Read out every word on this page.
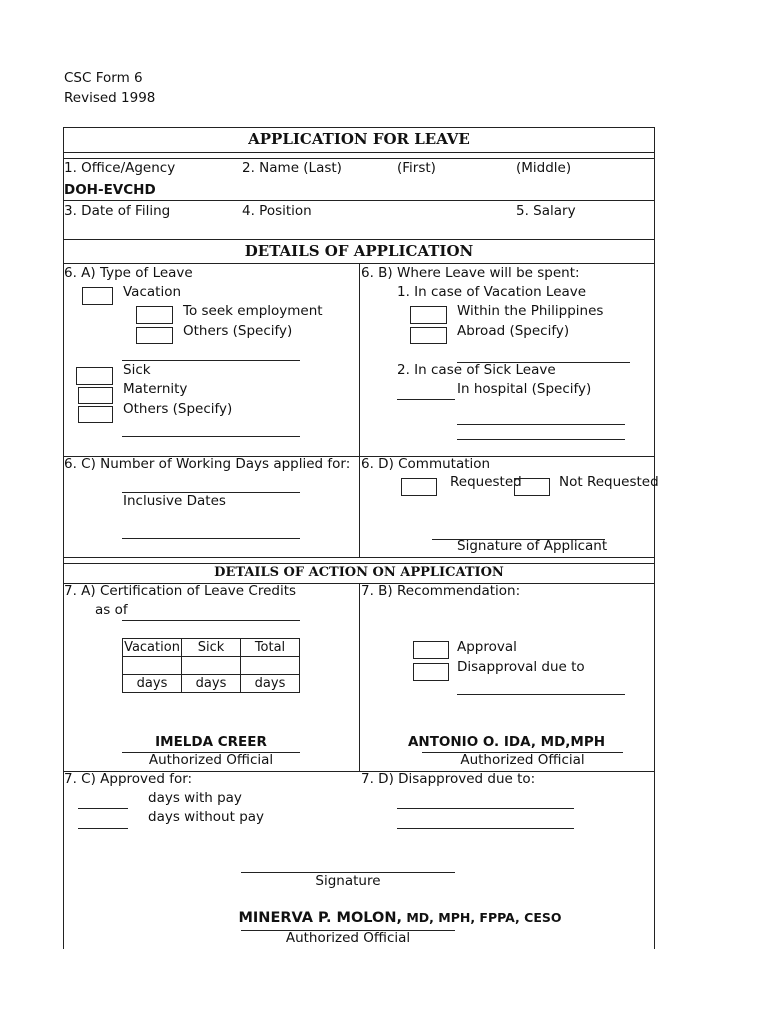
CSC Form 6
Revised 1998
APPLICATION FOR LEAVE
1. Office/Agency	2. Name (Last)	(First)	(Middle)
DOH-EVCHD
3. Date of Filing	4. Position	5. Salary
DETAILS OF APPLICATION
6. A) Type of Leave
Vacation
To seek employment
Others (Specify)
Sick
Maternity
Others (Specify)
6. B) Where Leave will be spent:
1. In case of Vacation Leave
Within the Philippines
Abroad (Specify)
2. In case of Sick Leave
In hospital (Specify)
6. C) Number of Working Days applied for:
Inclusive Dates
6. D) Commutation
Requested	Not Requested
Signature of Applicant
DETAILS OF ACTION ON APPLICATION
7. A) Certification of Leave Credits
as of
Vacation	Sick	Total

days	days	days
IMELDA CREER
Authorized Official
7. B) Recommendation:
Approval
Disapproval due to
ANTONIO O. IDA, MD,MPH
Authorized Official
7. C) Approved for:
days with pay
days without pay
7. D) Disapproved due to:
Signature
MINERVA P. MOLON, MD, MPH, FPPA, CESO
Authorized Official
